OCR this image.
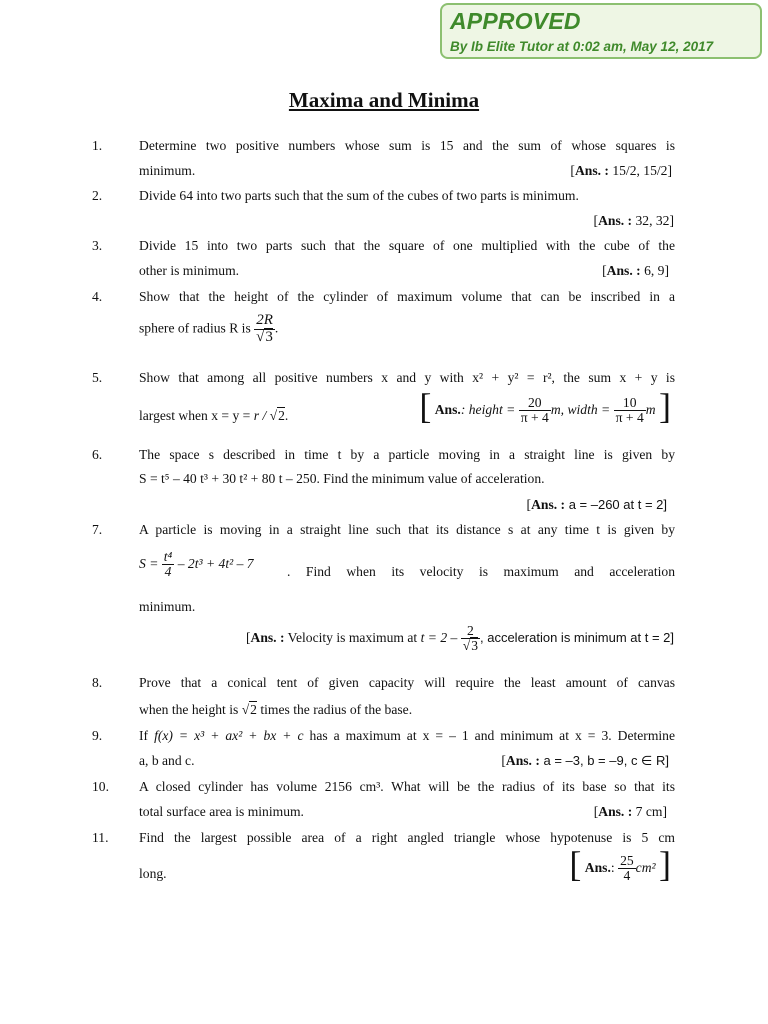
APPROVED
By Ib Elite Tutor at 0:02 am, May 12, 2017
Maxima and Minima
1.	Determine two positive numbers whose sum is 15 and the sum of whose squares is
minimum.	[Ans. : 15/2, 15/2]
2.	Divide 64 into two parts such that the sum of the cubes of two parts is minimum.
[Ans. : 32, 32]
3.	Divide 15 into two parts such that the square of one multiplied with the cube of the
other is minimum.	[Ans. : 6, 9]
4.	Show that the height of the cylinder of maximum volume that can be inscribed in a
sphere of radius R is $\frac{2R}{√3}$ .
5.	Show that among all positive numbers x and y with x² + y² = r², the sum x + y is
largest when x = y = r / √2.	[ Ans.: height = $\frac{20}{\pi + 4} m$, width = $\frac{10}{\pi + 4}$ m ]
6.	The space s described in time t by a particle moving in a straight line is given by
S = t⁵ – 40 t³ + 30 t² + 80 t – 250. Find the minimum value of acceleration.
[Ans. : a = –260 at t = 2]
7.	A particle is moving in a straight line such that its distance s at any time t is given by
$S = \frac{\text{t⁴}}{4} - 2t^3 + 4t^2 - 7$
. Find when its velocity is maximum and acceleration
minimum.
[Ans. : Velocity is maximum at $t = 2 - \frac{2}{√3}$ , acceleration is minimum at t = 2]
8.	Prove that a conical tent of given capacity will require the least amount of canvas
when the height is √2 times the radius of the base.
9.	If f(x) = x³ + ax² + bx + c has a maximum at x = – 1 and minimum at x = 3. Determine
a, b and c.	[Ans. : a = –3, b = –9, c ∈ R]
10. A closed cylinder has volume 2156 cm³. What will be the radius of its base so that its
total surface area is minimum.	[Ans. : 7 cm]
11. Find the largest possible area of a right angled triangle whose hypotenuse is 5 cm
long.	[ Ans.: $\frac{25}{4} cm^2$ ]
